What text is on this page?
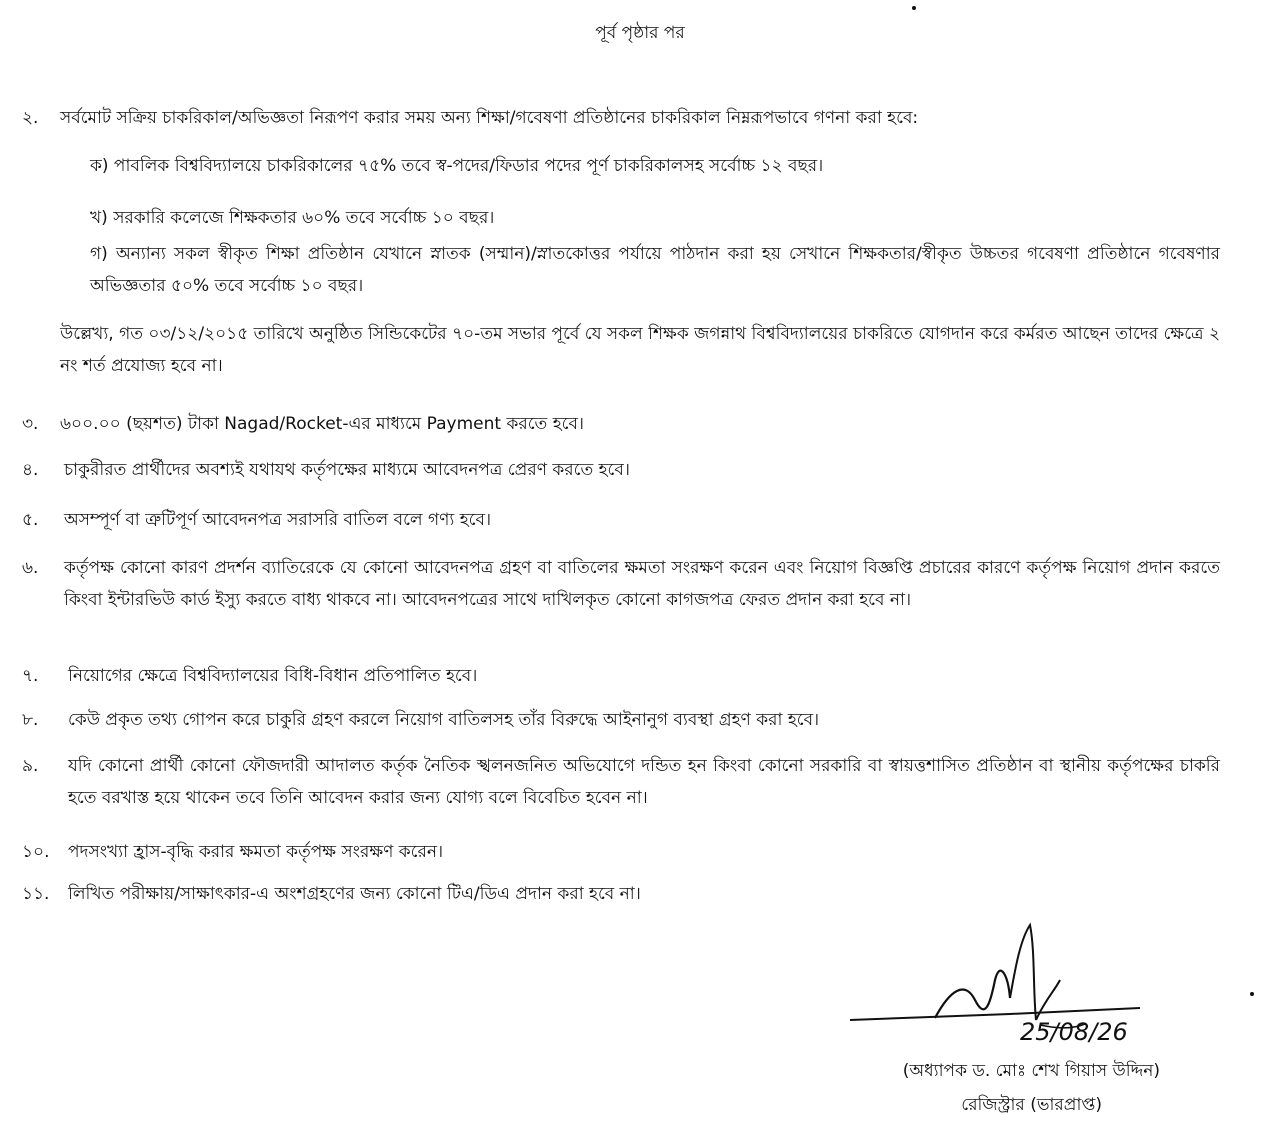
পূর্ব পৃষ্ঠার পর
২.	সর্বমোট সক্রিয় চাকরিকাল/অভিজ্ঞতা নিরূপণ করার সময় অন্য শিক্ষা/গবেষণা প্রতিষ্ঠানের চাকরিকাল নিম্নরূপভাবে গণনা করা হবে:
ক) পাবলিক বিশ্ববিদ্যালয়ে চাকরিকালের ৭৫% তবে স্ব-পদের/ফিডার পদের পূর্ণ চাকরিকালসহ সর্বোচ্চ ১২ বছর।
খ) সরকারি কলেজে শিক্ষকতার ৬০% তবে সর্বোচ্চ ১০ বছর।
গ) অন্যান্য সকল স্বীকৃত শিক্ষা প্রতিষ্ঠান যেখানে স্নাতক (সম্মান)/স্নাতকোত্তর পর্যায়ে পাঠদান করা হয় সেখানে শিক্ষকতার/স্বীকৃত উচ্চতর গবেষণা প্রতিষ্ঠানে গবেষণার অভিজ্ঞতার ৫০% তবে সর্বোচ্চ ১০ বছর।
উল্লেখ্য, গত ০৩/১২/২০১৫ তারিখে অনুষ্ঠিত সিন্ডিকেটের ৭০-তম সভার পূর্বে যে সকল শিক্ষক জগন্নাথ বিশ্ববিদ্যালয়ের চাকরিতে যোগদান করে কর্মরত আছেন তাদের ক্ষেত্রে ২ নং শর্ত প্রযোজ্য হবে না।
৩.	৬০০.০০ (ছয়শত) টাকা Nagad/Rocket-এর মাধ্যমে Payment করতে হবে।
৪.	চাকুরীরত প্রার্থীদের অবশ্যই যথাযথ কর্তৃপক্ষের মাধ্যমে আবেদনপত্র প্রেরণ করতে হবে।
৫.	অসম্পূর্ণ বা ত্রুটিপূর্ণ আবেদনপত্র সরাসরি বাতিল বলে গণ্য হবে।
৬.	কর্তৃপক্ষ কোনো কারণ প্রদর্শন ব্যাতিরেকে যে কোনো আবেদনপত্র গ্রহণ বা বাতিলের ক্ষমতা সংরক্ষণ করেন এবং নিয়োগ বিজ্ঞপ্তি প্রচারের কারণে কর্তৃপক্ষ নিয়োগ প্রদান করতে কিংবা ইন্টারভিউ কার্ড ইস্যু করতে বাধ্য থাকবে না। আবেদনপত্রের সাথে দাখিলকৃত কোনো কাগজপত্র ফেরত প্রদান করা হবে না।
৭.	নিয়োগের ক্ষেত্রে বিশ্ববিদ্যালয়ের বিধি-বিধান প্রতিপালিত হবে।
৮.	কেউ প্রকৃত তথ্য গোপন করে চাকুরি গ্রহণ করলে নিয়োগ বাতিলসহ তাঁর বিরুদ্ধে আইনানুগ ব্যবস্থা গ্রহণ করা হবে।
৯.	যদি কোনো প্রার্থী কোনো ফৌজদারী আদালত কর্তৃক নৈতিক স্খলনজনিত অভিযোগে দন্ডিত হন কিংবা কোনো সরকারি বা স্বায়ত্তশাসিত প্রতিষ্ঠান বা স্থানীয় কর্তৃপক্ষের চাকরি হতে বরখাস্ত হয়ে থাকেন তবে তিনি আবেদন করার জন্য যোগ্য বলে বিবেচিত হবেন না।
১০.	পদসংখ্যা হ্রাস-বৃদ্ধি করার ক্ষমতা কর্তৃপক্ষ সংরক্ষণ করেন।
১১.	লিখিত পরীক্ষায়/সাক্ষাৎকার-এ অংশগ্রহণের জন্য কোনো টিএ/ডিএ প্রদান করা হবে না।
25/08/26
(অধ্যাপক ড. মোঃ শেখ গিয়াস উদ্দিন)
রেজিস্ট্রার (ভারপ্রাপ্ত)
